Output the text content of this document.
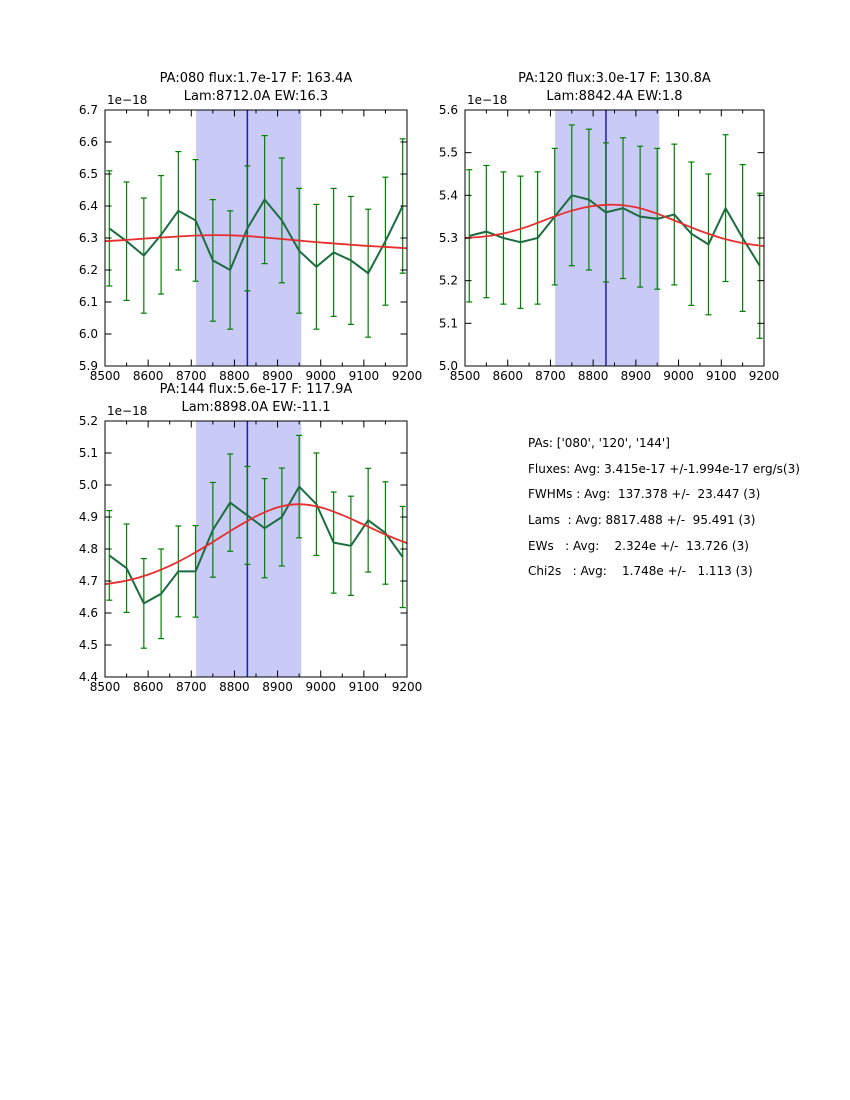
8500 8600 8700 8800 8900 9000 9100 9200
5.9
6.0
6.1
6.2
6.3
6.4
6.5
6.6
6.7
1e−18
PA:080 flux:1.7e-17 F: 163.4A
Lam:8712.0A EW:16.3
8500 8600 8700 8800 8900 9000 9100 9200
5.0
5.1
5.2
5.3
5.4
5.5
5.6
1e−18
PA:120 flux:3.0e-17 F: 130.8A
Lam:8842.4A EW:1.8
8500 8600 8700 8800 8900 9000 9100 9200
4.4
4.5
4.6
4.7
4.8
4.9
5.0
5.1
5.2
1e−18
PA:144 flux:5.6e-17 F: 117.9A
Lam:8898.0A EW:-11.1
PAs: ['080', '120', '144']
Fluxes: Avg: 3.415e-17 +/-1.994e-17 erg/s(3)
FWHMs : Avg:  137.378 +/-  23.447 (3)
Lams  : Avg: 8817.488 +/-  95.491 (3)
EWs   : Avg:    2.324e +/-  13.726 (3)
Chi2s   : Avg:    1.748e +/-   1.113 (3)
